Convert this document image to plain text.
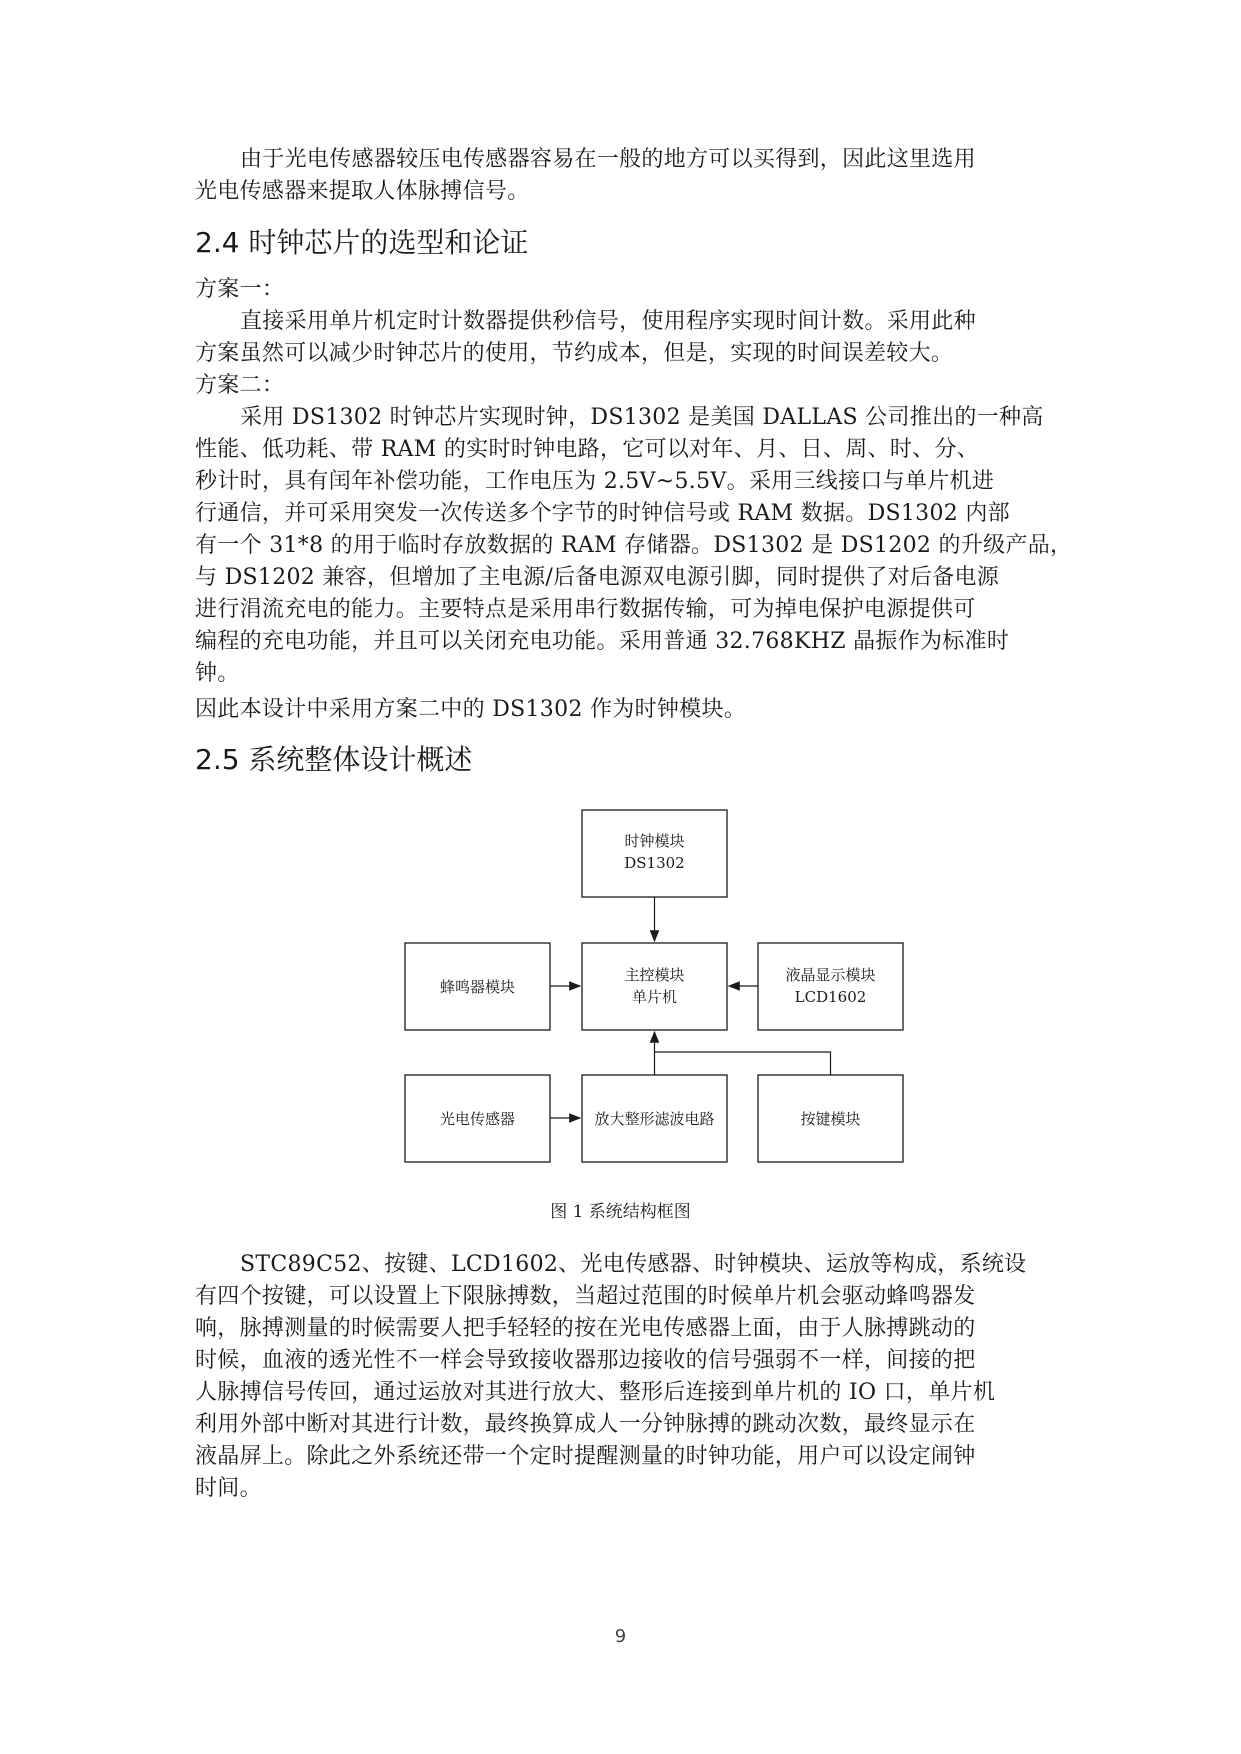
由于光电传感器较压电传感器容易在一般的地方可以买得到，因此这里选用
光电传感器来提取人体脉搏信号。
2.4 时钟芯片的选型和论证
方案一：
直接采用单片机定时计数器提供秒信号，使用程序实现时间计数。采用此种
方案虽然可以减少时钟芯片的使用，节约成本，但是，实现的时间误差较大。
方案二：
采用 DS1302 时钟芯片实现时钟，DS1302 是美国 DALLAS 公司推出的一种高
性能、低功耗、带 RAM 的实时时钟电路，它可以对年、月、日、周、时、分、
秒计时，具有闰年补偿功能，工作电压为 2.5V~5.5V。采用三线接口与单片机进
行通信，并可采用突发一次传送多个字节的时钟信号或 RAM 数据。DS1302 内部
有一个 31*8 的用于临时存放数据的 RAM 存储器。DS1302 是 DS1202 的升级产品，
与 DS1202 兼容，但增加了主电源/后备电源双电源引脚，同时提供了对后备电源
进行涓流充电的能力。主要特点是采用串行数据传输，可为掉电保护电源提供可
编程的充电功能，并且可以关闭充电功能。采用普通 32.768KHZ 晶振作为标准时
钟。
因此本设计中采用方案二中的 DS1302 作为时钟模块。
2.5 系统整体设计概述
时钟模块
DS1302
蜂鸣器模块
主控模块
单片机
液晶显示模块
LCD1602
光电传感器	放大整形滤波电路	按键模块
图 1 系统结构框图
STC89C52、按键、LCD1602、光电传感器、时钟模块、运放等构成，系统设
有四个按键，可以设置上下限脉搏数，当超过范围的时候单片机会驱动蜂鸣器发
响，脉搏测量的时候需要人把手轻轻的按在光电传感器上面，由于人脉搏跳动的
时候，血液的透光性不一样会导致接收器那边接收的信号强弱不一样，间接的把
人脉搏信号传回，通过运放对其进行放大、整形后连接到单片机的 IO 口，单片机
利用外部中断对其进行计数，最终换算成人一分钟脉搏的跳动次数，最终显示在
液晶屏上。除此之外系统还带一个定时提醒测量的时钟功能，用户可以设定闹钟
时间。
9
